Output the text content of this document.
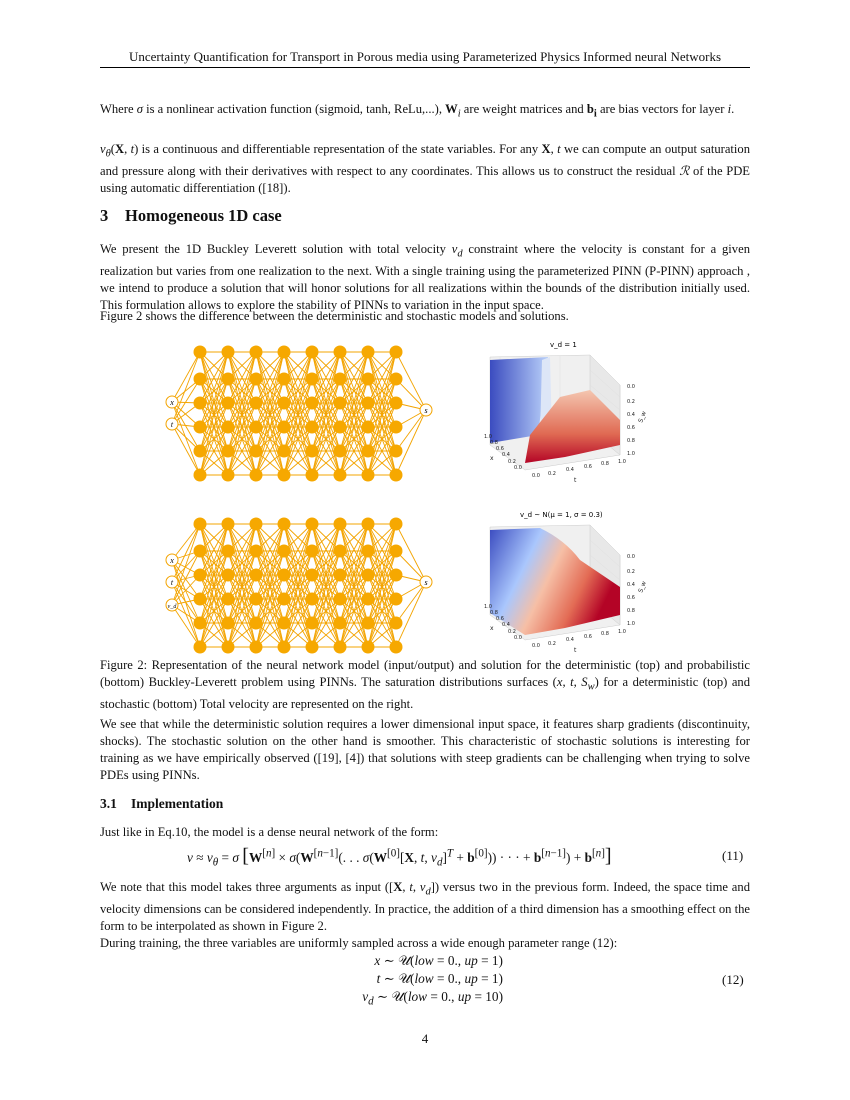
Uncertainty Quantification for Transport in Porous media using Parameterized Physics Informed neural Networks

Where σ is a nonlinear activation function (sigmoid, tanh, ReLu,...), $W_i$ are weight matrices and $b_i$ are bias vectors for layer i.

$\nu_\theta(X$, t) is a continuous and differentiable representation of the state variables. For any X, t we can compute an output saturation and pressure along with their derivatives with respect to any coordinates. This allows us to construct the residual ℛ of the PDE using automatic differentiation ([18]).

3 Homogeneous 1D case

We present the 1D Buckley Leverett solution with total velocity $v_d$ constraint where the velocity is constant for a given realization but varies from one realization to the next. With a single training using the parameterized PINN (P-PINN) approach , we intend to produce a solution that will honor solutions for all realizations within the bounds of the distribution initially used. This formulation allows to explore the stability of PINNs to variation in the input space.

Figure 2 shows the difference between the deterministic and stochastic models and solutions.

x
t
s
x
t
v_d
s
v_d = 1
0.0
0.2
0.4
0.6
0.8
1.0
S_w
0.0 0.2
0.4 0.6 0.8 1.0
t
1.0
0.8
0.6
0.4
0.2
0.0
x
v_d ~ N(μ = 1, σ = 0.3)
0.0
0.2
0.4
0.6
0.8
1.0
S_w
0.0 0.2
0.4 0.6 0.8 1.0
t
1.0
0.8
0.6
0.4
0.2
0.0
x

Figure 2: Representation of the neural network model (input/output) and solution for the deterministic (top) and probabilistic (bottom) Buckley-Leverett problem using PINNs. The saturation distributions surfaces (x, t, $S_w$) for a deterministic (top) and stochastic (bottom) Total velocity are represented on the right.

We see that while the deterministic solution requires a lower dimensional input space, it features sharp gradients (discontinuity, shocks). The stochastic solution on the other hand is smoother. This characteristic of stochastic solutions is interesting for training as we have empirically observed ([19], [4]) that solutions with steep gradients can be challenging when trying to solve PDEs using PINNs.

3.1 Implementation

Just like in Eq.10, the model is a dense neural network of the form:

$\nu \approx \nu_\theta = \sigma$ [W[n] × σ(W[n−1](. . . σ(W[0][X, t, $v_d]^T + b[0]$)) · · · + b[n−1]) + b[n]]	(11)

We note that this model takes three arguments as input ([X, t, $v_d$]) versus two in the previous form. Indeed, the space time and velocity dimensions can be considered independently. In practice, the addition of a third dimension has a smoothing effect on the form to be interpolated as shown in Figure 2.

During training, the three variables are uniformly sampled across a wide enough parameter range (12):

x ∼ 𝒰(low = 0., up = 1)
t ∼ 𝒰(low = 0., up = 1)
$v_d$ ∼ 𝒰(low = 0., up = 10)
(12)
4
